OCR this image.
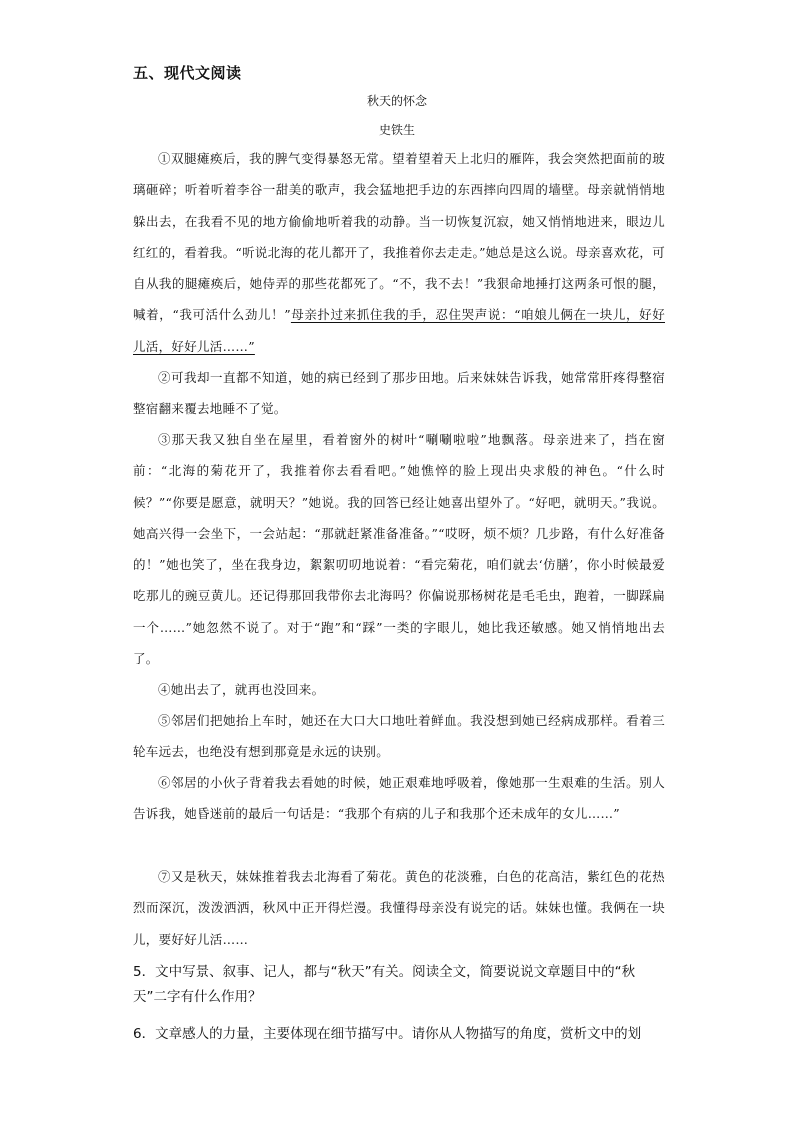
五、现代文阅读
秋天的怀念
史铁生

①双腿瘫痪后，我的脾气变得暴怒无常。望着望着天上北归的雁阵，我会突然把面前的玻璃砸碎；听着听着李谷一甜美的歌声，我会猛地把手边的东西摔向四周的墙壁。母亲就悄悄地躲出去，在我看不见的地方偷偷地听着我的动静。当一切恢复沉寂，她又悄悄地进来，眼边儿红红的，看着我。“听说北海的花儿都开了，我推着你去走走。”她总是这么说。母亲喜欢花，可自从我的腿瘫痪后，她侍弄的那些花都死了。“不，我不去！”我狠命地捶打这两条可恨的腿，喊着，“我可活什么劲儿！”母亲扑过来抓住我的手，忍住哭声说：“咱娘儿俩在一块儿，好好儿活，好好儿活……”

②可我却一直都不知道，她的病已经到了那步田地。后来妹妹告诉我，她常常肝疼得整宿整宿翻来覆去地睡不了觉。

③那天我又独自坐在屋里，看着窗外的树叶“唰唰啦啦”地飘落。母亲进来了，挡在窗前：“北海的菊花开了，我推着你去看看吧。”她憔悴的脸上现出央求般的神色。“什么时候？”“你要是愿意，就明天？”她说。我的回答已经让她喜出望外了。“好吧，就明天。”我说。她高兴得一会坐下，一会站起：“那就赶紧准备准备。”“哎呀，烦不烦？几步路，有什么好准备的！”她也笑了，坐在我身边，絮絮叨叨地说着：“看完菊花，咱们就去‘仿膳’，你小时候最爱吃那儿的豌豆黄儿。还记得那回我带你去北海吗？你偏说那杨树花是毛毛虫，跑着，一脚踩扁一个……”她忽然不说了。对于“跑”和“踩”一类的字眼儿，她比我还敏感。她又悄悄地出去了。

④她出去了，就再也没回来。

⑤邻居们把她抬上车时，她还在大口大口地吐着鲜血。我没想到她已经病成那样。看着三轮车远去，也绝没有想到那竟是永远的诀别。

⑥邻居的小伙子背着我去看她的时候，她正艰难地呼吸着，像她那一生艰难的生活。别人告诉我，她昏迷前的最后一句话是：“我那个有病的儿子和我那个还未成年的女儿……”

⑦又是秋天，妹妹推着我去北海看了菊花。黄色的花淡雅，白色的花高洁，紫红色的花热烈而深沉，泼泼洒洒，秋风中正开得烂漫。我懂得母亲没有说完的话。妹妹也懂。我俩在一块儿，要好好儿活……

5．文中写景、叙事、记人，都与“秋天”有关。阅读全文，简要说说文章题目中的“秋天”二字有什么作用？

6．文章感人的力量，主要体现在细节描写中。请你从人物描写的角度，赏析文中的划
